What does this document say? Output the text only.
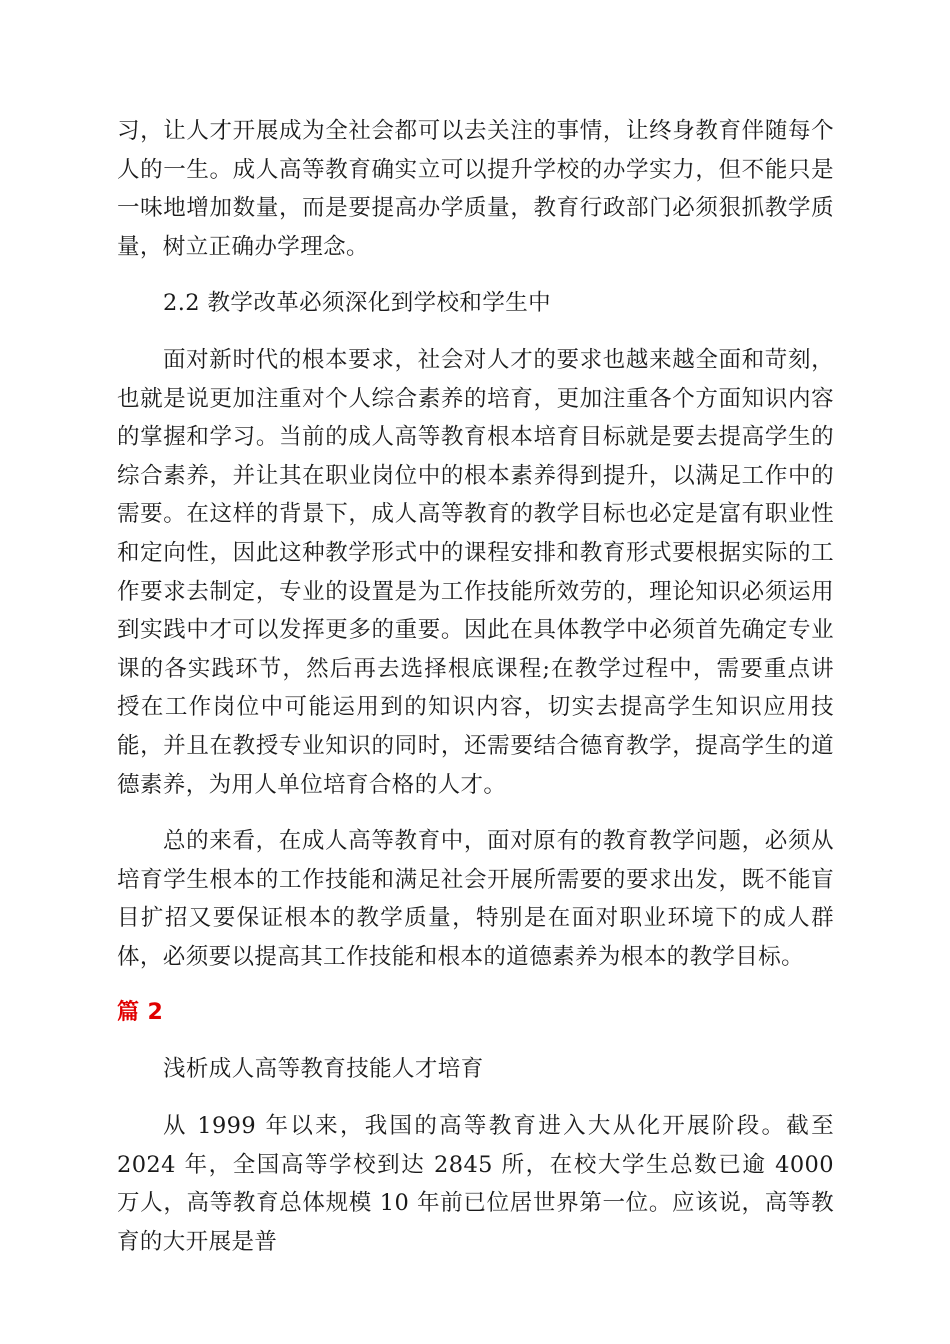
习，让人才开展成为全社会都可以去关注的事情，让终身教育伴随每个人的一生。成人高等教育确实立可以提升学校的办学实力，但不能只是一味地增加数量，而是要提高办学质量，教育行政部门必须狠抓教学质量，树立正确办学理念。

2.2 教学改革必须深化到学校和学生中

面对新时代的根本要求，社会对人才的要求也越来越全面和苛刻，也就是说更加注重对个人综合素养的培育，更加注重各个方面知识内容的掌握和学习。当前的成人高等教育根本培育目标就是要去提高学生的综合素养，并让其在职业岗位中的根本素养得到提升，以满足工作中的需要。在这样的背景下，成人高等教育的教学目标也必定是富有职业性和定向性，因此这种教学形式中的课程安排和教育形式要根据实际的工作要求去制定，专业的设置是为工作技能所效劳的，理论知识必须运用到实践中才可以发挥更多的重要。因此在具体教学中必须首先确定专业课的各实践环节，然后再去选择根底课程;在教学过程中，需要重点讲授在工作岗位中可能运用到的知识内容，切实去提高学生知识应用技能，并且在教授专业知识的同时，还需要结合德育教学，提高学生的道德素养，为用人单位培育合格的人才。

总的来看，在成人高等教育中，面对原有的教育教学问题，必须从培育学生根本的工作技能和满足社会开展所需要的要求出发，既不能盲目扩招又要保证根本的教学质量，特别是在面对职业环境下的成人群体，必须要以提高其工作技能和根本的道德素养为根本的教学目标。

篇 2

浅析成人高等教育技能人才培育

从 1999 年以来，我国的高等教育进入大从化开展阶段。截至 2024 年，全国高等学校到达 2845 所，在校大学生总数已逾 4000 万人，高等教育总体规模 10 年前已位居世界第一位。应该说，高等教育的大开展是普
